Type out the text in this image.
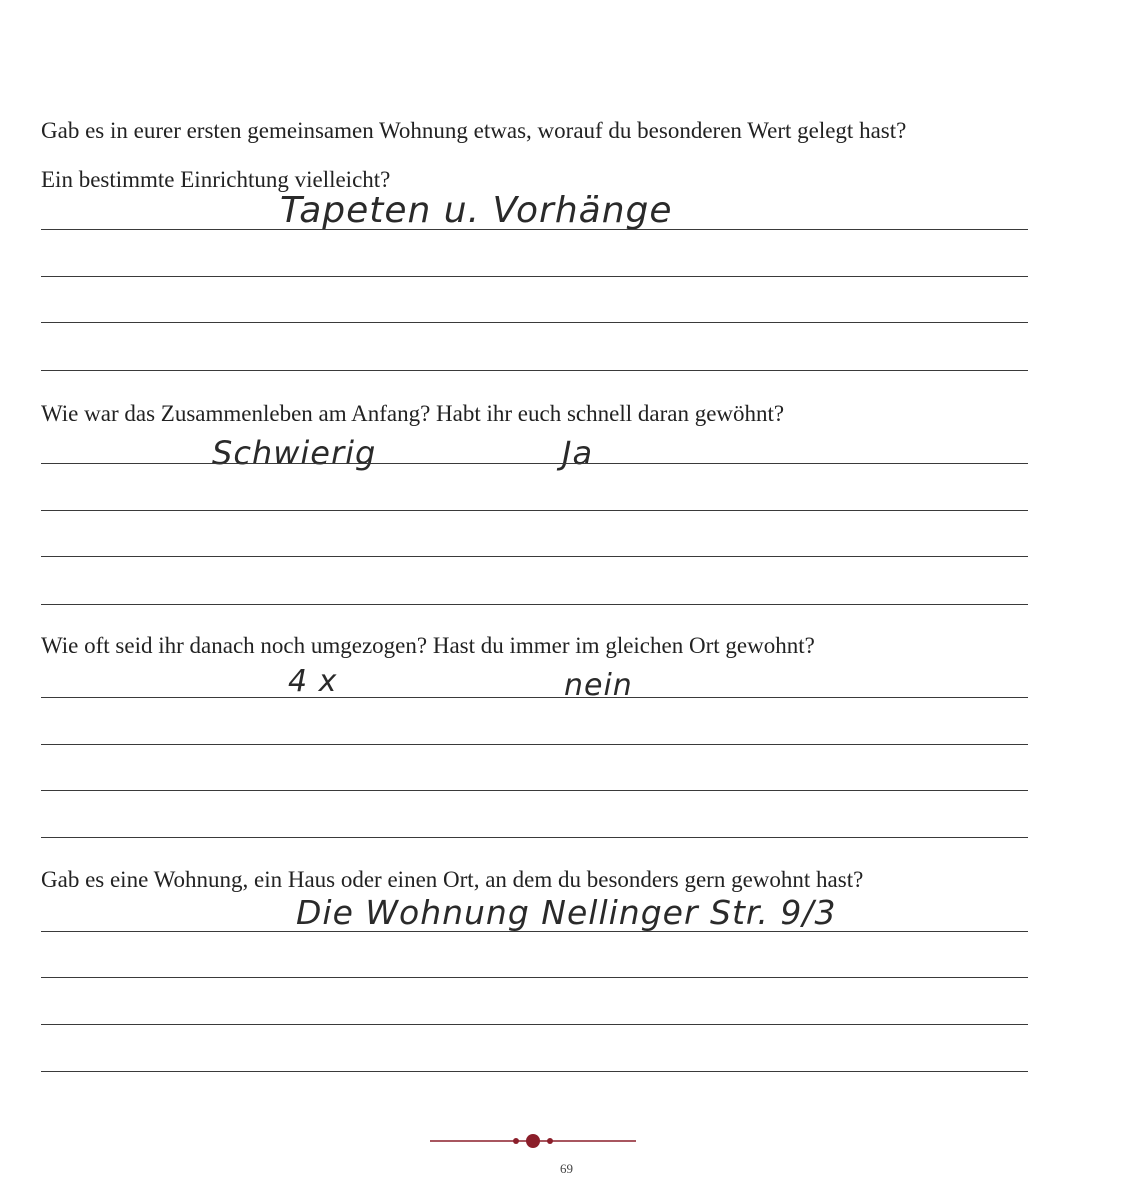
Gab es in eurer ersten gemeinsamen Wohnung etwas, worauf du besonderen Wert gelegt hast?
Ein bestimmte Einrichtung vielleicht?
Tapeten u. Vorhänge
Wie war das Zusammenleben am Anfang? Habt ihr euch schnell daran gewöhnt?
Schwierig	Ja
Wie oft seid ihr danach noch umgezogen? Hast du immer im gleichen Ort gewohnt?
4 x	nein
Gab es eine Wohnung, ein Haus oder einen Ort, an dem du besonders gern gewohnt hast?
Die Wohnung Nellinger Str. 9/3
69
